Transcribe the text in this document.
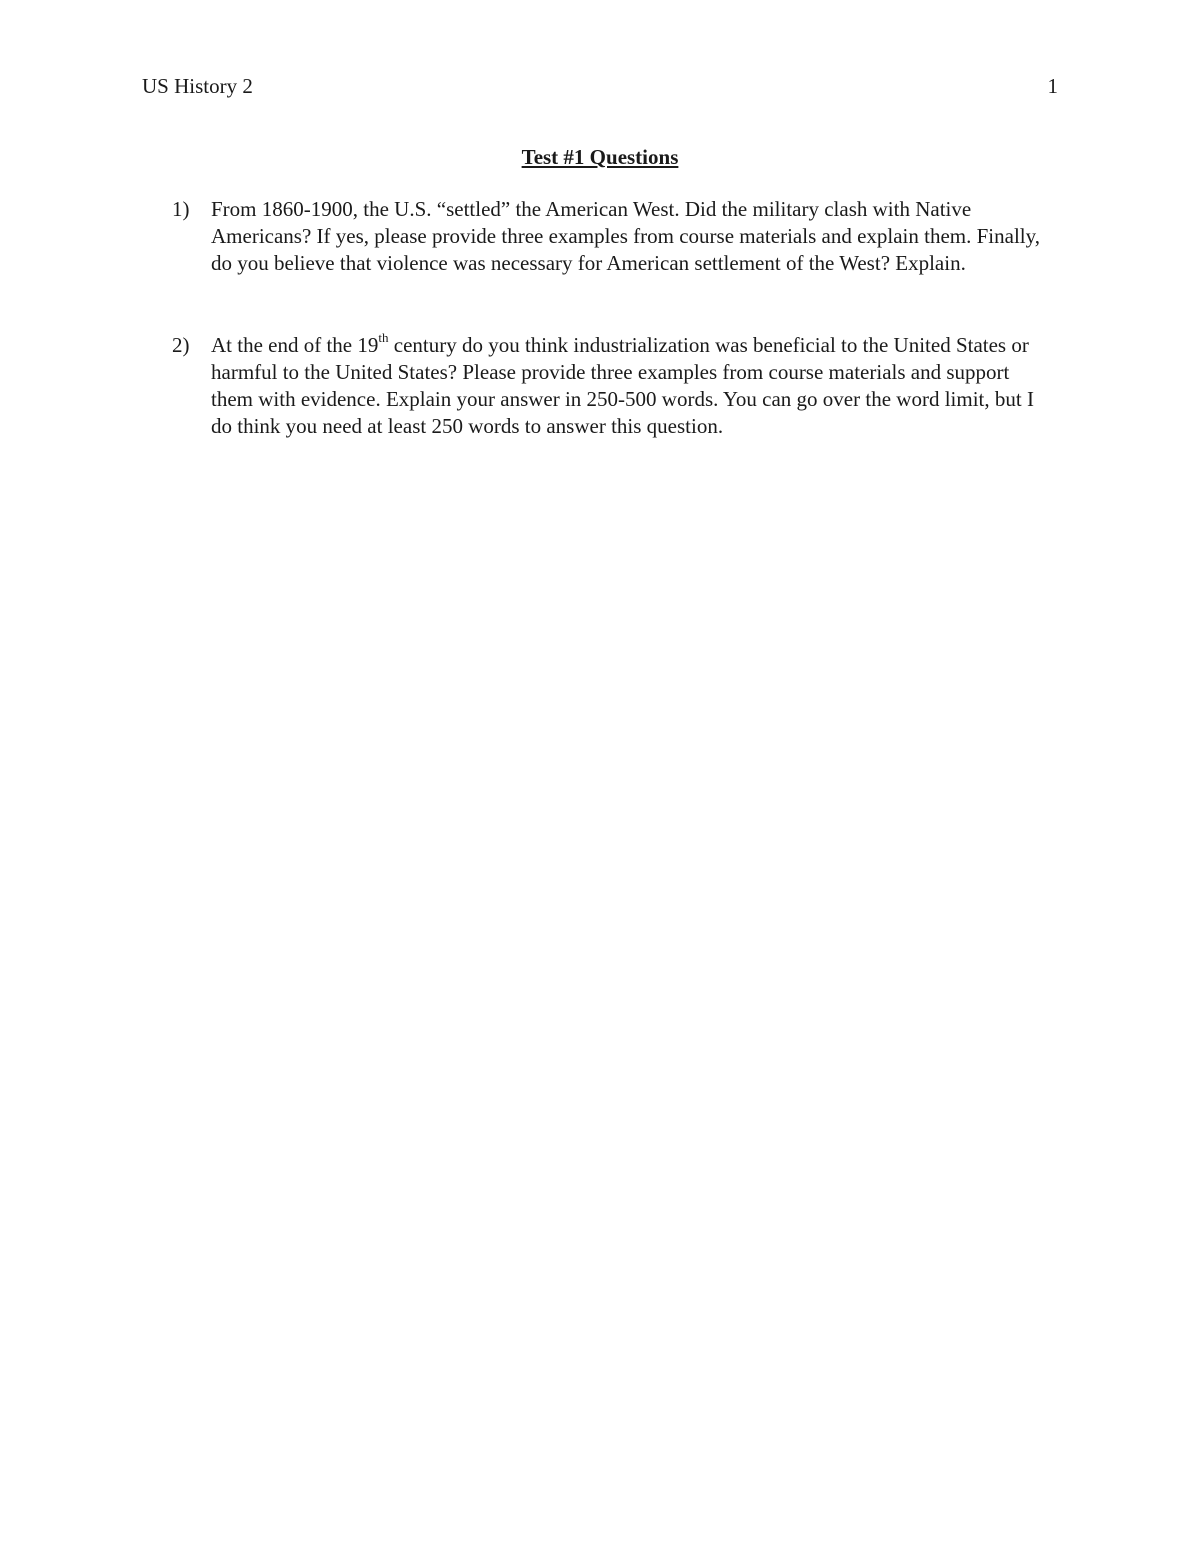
US History 2	1
Test #1 Questions
1) From 1860-1900, the U.S. “settled” the American West. Did the military clash with Native Americans? If yes, please provide three examples from course materials and explain them. Finally, do you believe that violence was necessary for American settlement of the West? Explain.
2) At the end of the 19th century do you think industrialization was beneficial to the United States or harmful to the United States? Please provide three examples from course materials and support them with evidence. Explain your answer in 250-500 words. You can go over the word limit, but I do think you need at least 250 words to answer this question.
